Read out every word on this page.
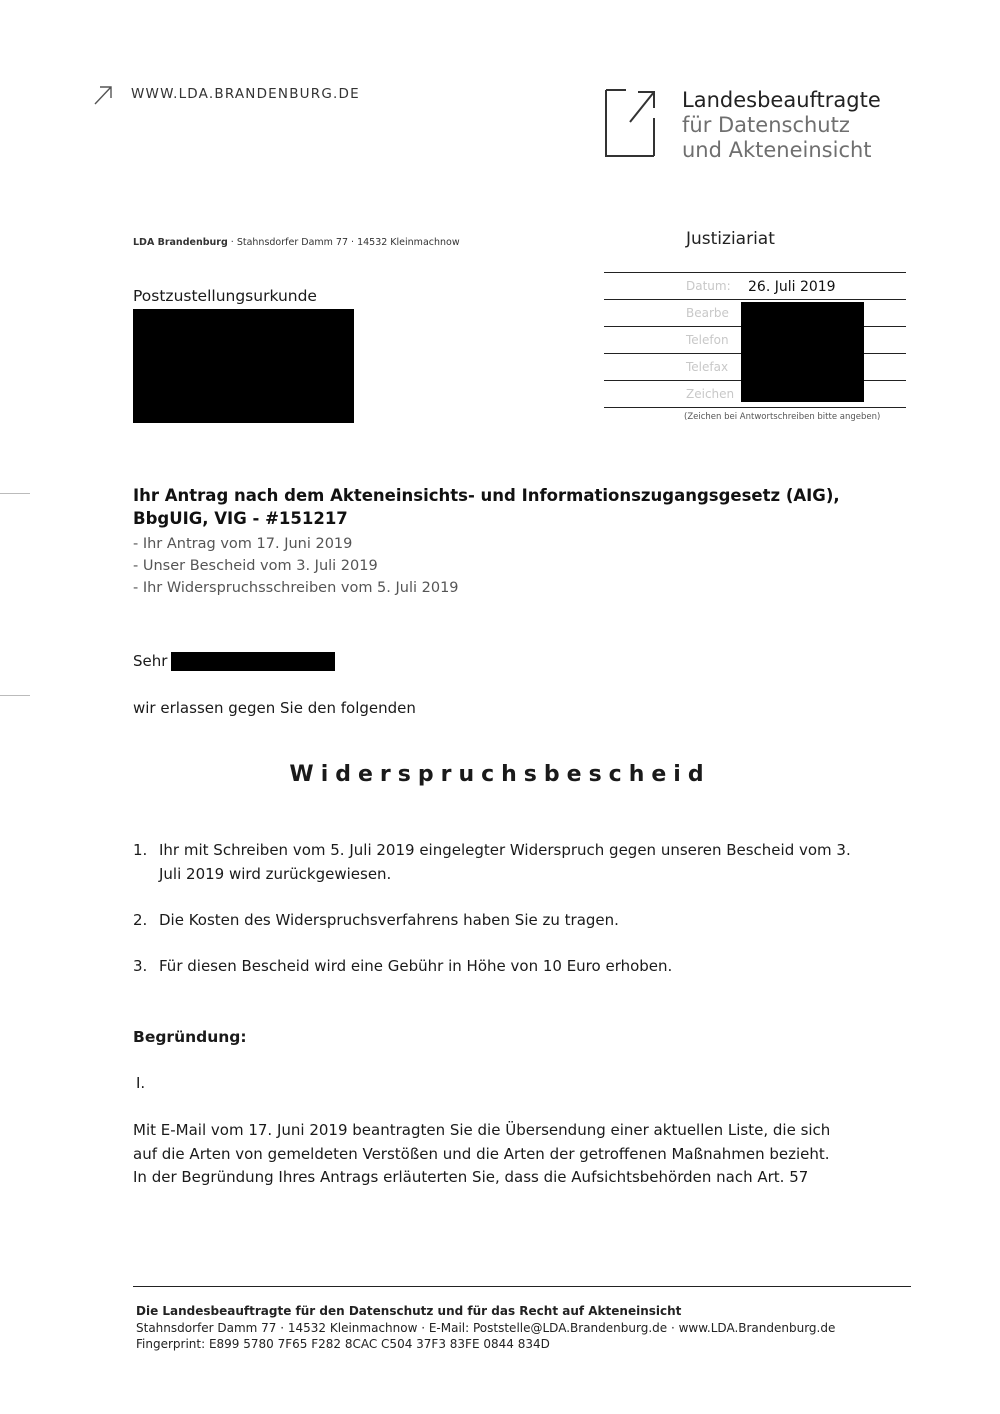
WWW.LDA.BRANDENBURG.DE	Landesbeauftragte
für Datenschutz
und Akteneinsicht
LDA Brandenburg · Stahnsdorfer Damm 77 · 14532 Kleinmachnow	Justiziariat
Datum: 26. Juli 2019
Bearbe
Telefon
Telefax
Zeichen
(Zeichen bei Antwortschreiben bitte angeben)
Postzustellungsurkunde
Ihr Antrag nach dem Akteneinsichts- und Informationszugangsgesetz (AIG), BbgUIG, VIG - #151217
- Ihr Antrag vom 17. Juni 2019
- Unser Bescheid vom 3. Juli 2019
- Ihr Widerspruchsschreiben vom 5. Juli 2019
Sehr
wir erlassen gegen Sie den folgenden
Widerspruchsbescheid
1. Ihr mit Schreiben vom 5. Juli 2019 eingelegter Widerspruch gegen unseren Bescheid vom 3. Juli 2019 wird zurückgewiesen.
2. Die Kosten des Widerspruchsverfahrens haben Sie zu tragen.
3. Für diesen Bescheid wird eine Gebühr in Höhe von 10 Euro erhoben.
Begründung:
I.
Mit E-Mail vom 17. Juni 2019 beantragten Sie die Übersendung einer aktuellen Liste, die sich auf die Arten von gemeldeten Verstößen und die Arten der getroffenen Maßnahmen bezieht. In der Begründung Ihres Antrags erläuterten Sie, dass die Aufsichtsbehörden nach Art. 57
Die Landesbeauftragte für den Datenschutz und für das Recht auf Akteneinsicht
Stahnsdorfer Damm 77 · 14532 Kleinmachnow · E-Mail: Poststelle@LDA.Brandenburg.de · www.LDA.Brandenburg.de
Fingerprint: E899 5780 7F65 F282 8CAC C504 37F3 83FE 0844 834D
